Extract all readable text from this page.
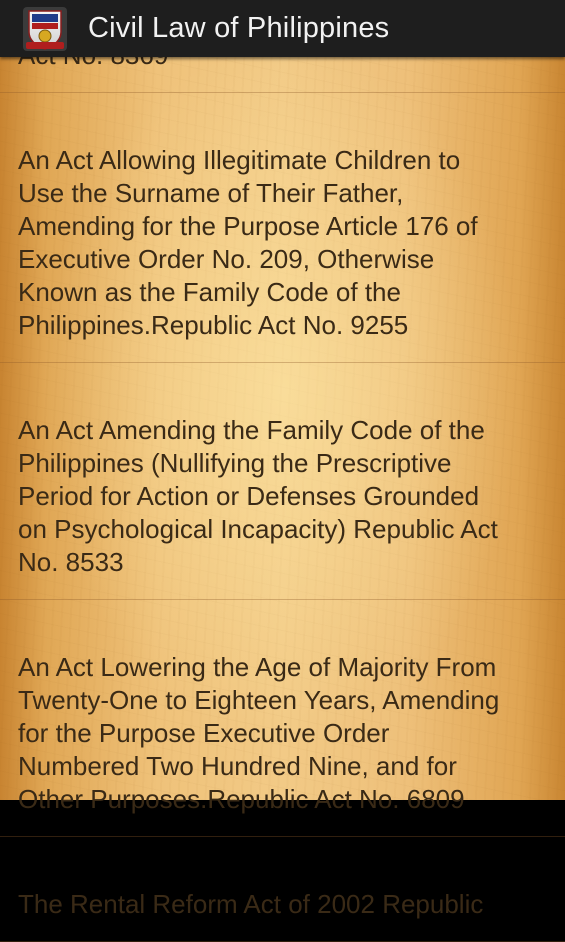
Civil Law of Philippines

An Act Allowing Illegitimate Children to
Use the Surname of Their Father,
Amending for the Purpose Article 176 of
Executive Order No. 209, Otherwise
Known as the Family Code of the
Philippines.Republic Act No. 9255

An Act Amending the Family Code of the
Philippines (Nullifying the Prescriptive
Period for Action or Defenses Grounded
on Psychological Incapacity) Republic Act
No. 8533

An Act Lowering the Age of Majority From
Twenty-One to Eighteen Years, Amending
for the Purpose Executive Order
Numbered Two Hundred Nine, and for
Other Purposes.Republic Act No. 6809

The Rental Reform Act of 2002 Republic
